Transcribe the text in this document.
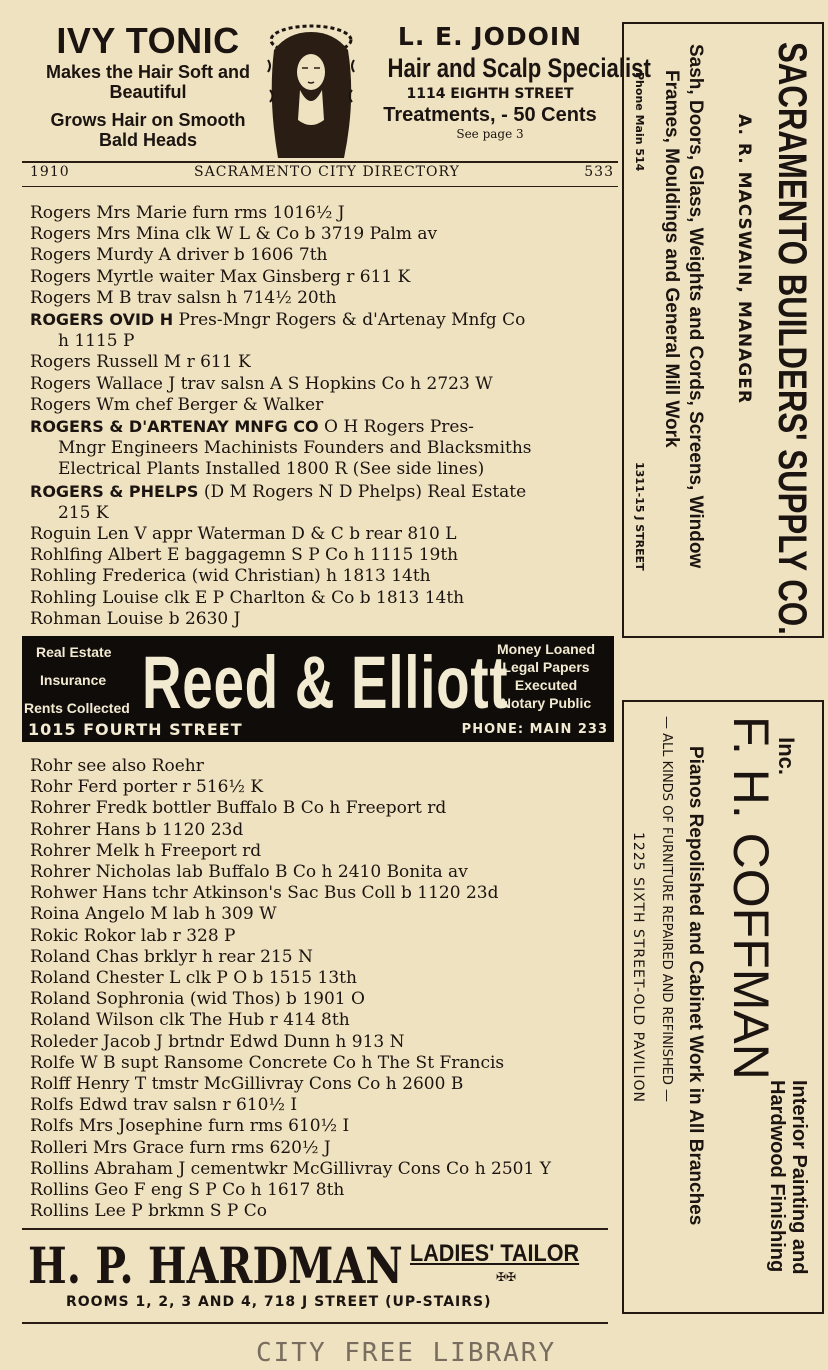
IVY TONIC
Makes the Hair Soft and
Beautiful
Grows Hair on Smooth
Bald Heads
L. E. JODOIN
Hair and Scalp Specialist
1114 EIGHTH STREET
Treatments, - 50 Cents
See page 3
1910	SACRAMENTO CITY DIRECTORY	533
Rogers Mrs Marie furn rms 1016½ J
Rogers Mrs Mina clk W L & Co b 3719 Palm av
Rogers Murdy A driver b 1606 7th
Rogers Myrtle waiter Max Ginsberg r 611 K
Rogers M B trav salsn h 714½ 20th
ROGERS OVID H Pres-Mngr Rogers & d'Artenay Mnfg Co
h 1115 P
Rogers Russell M r 611 K
Rogers Wallace J trav salsn A S Hopkins Co h 2723 W
Rogers Wm chef Berger & Walker
ROGERS & D'ARTENAY MNFG CO O H Rogers Pres-
Mngr Engineers Machinists Founders and Blacksmiths
Electrical Plants Installed 1800 R (See side lines)
ROGERS & PHELPS (D M Rogers N D Phelps) Real Estate
215 K
Roguin Len V appr Waterman D & C b rear 810 L
Rohlfing Albert E baggagemn S P Co h 1115 19th
Rohling Frederica (wid Christian) h 1813 14th
Rohling Louise clk E P Charlton & Co b 1813 14th
Rohman Louise b 2630 J
Real Estate
Insurance
Rents Collected Reed & Elliott
Money Loaned
Legal Papers
Executed
Notary Public
1015 FOURTH STREET	PHONE: MAIN 233
Rohr see also Roehr
Rohr Ferd porter r 516½ K
Rohrer Fredk bottler Buffalo B Co h Freeport rd
Rohrer Hans b 1120 23d
Rohrer Melk h Freeport rd
Rohrer Nicholas lab Buffalo B Co h 2410 Bonita av
Rohwer Hans tchr Atkinson's Sac Bus Coll b 1120 23d
Roina Angelo M lab h 309 W
Rokic Rokor lab r 328 P
Roland Chas brklyr h rear 215 N
Roland Chester L clk P O b 1515 13th
Roland Sophronia (wid Thos) b 1901 O
Roland Wilson clk The Hub r 414 8th
Roleder Jacob J brtndr Edwd Dunn h 913 N
Rolfe W B supt Ransome Concrete Co h The St Francis
Rolff Henry T tmstr McGillivray Cons Co h 2600 B
Rolfs Edwd trav salsn r 610½ I
Rolfs Mrs Josephine furn rms 610½ I
Rolleri Mrs Grace furn rms 620½ J
Rollins Abraham J cementwkr McGillivray Cons Co h 2501 Y
Rollins Geo F eng S P Co h 1617 8th
Rollins Lee P brkmn S P Co
H. P. HARDMAN LADIES' TAILOR
✠✠
ROOMS 1, 2, 3 AND 4, 718 J STREET (UP-STAIRS)
CITY FREE LIBRARY
SACRAMENTO BUILDERS' SUPPLY CO. Inc.
A. R. MACSWAIN, MANAGER
Sash, Doors, Glass, Weights and Cords, Screens, Window
Frames, Mouldings and General Mill Work
Phone Main 514
1311-15 J STREET
F. H. COFFMAN
Interior Painting and
Hardwood Finishing
Pianos Repolished and Cabinet Work in All Branches
— ALL KINDS OF FURNITURE REPAIRED AND REFINISHED —
1225 SIXTH STREET-OLD PAVILION
